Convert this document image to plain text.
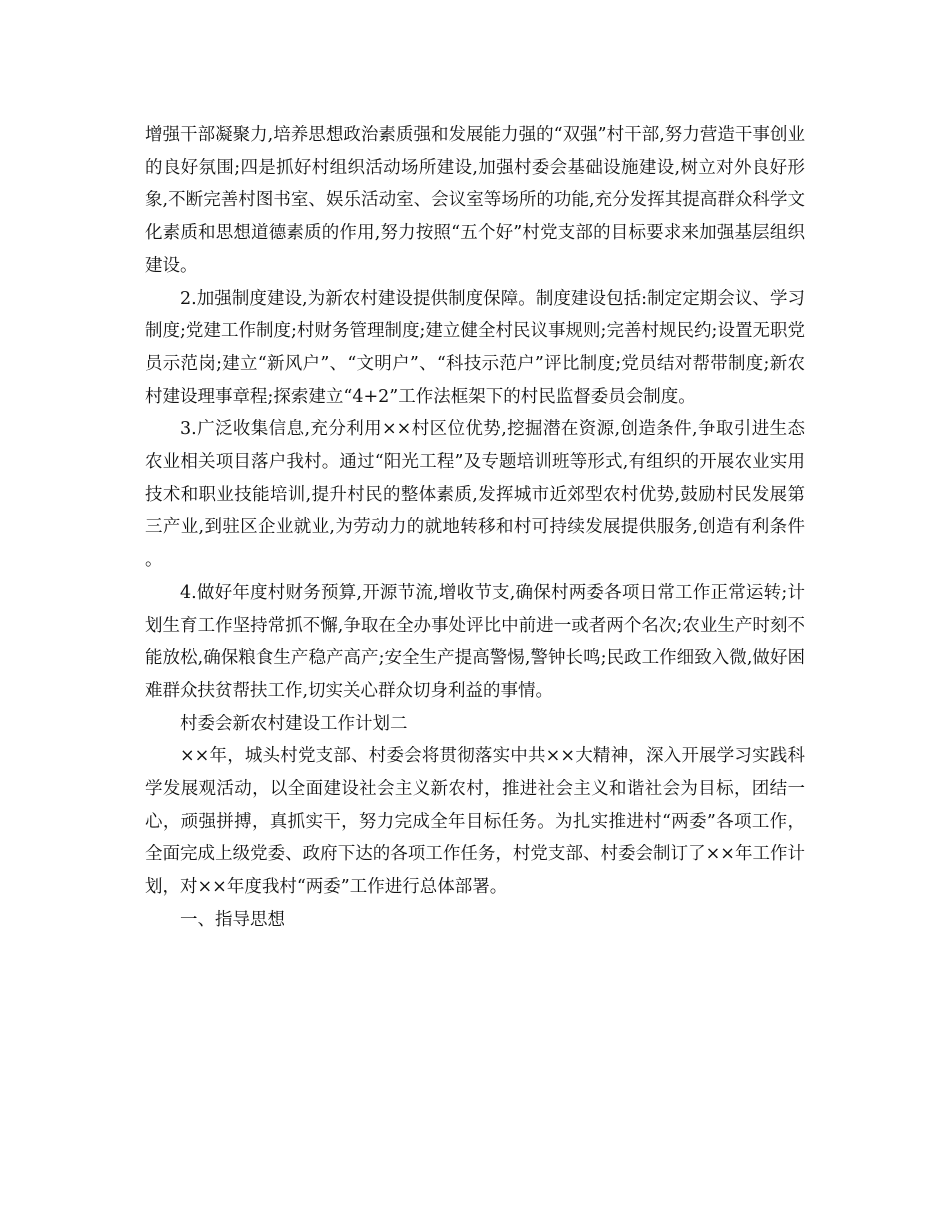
增强干部凝聚力,培养思想政治素质强和发展能力强的“双强”村干部,努力营造干事创业的良好氛围;四是抓好村组织活动场所建设,加强村委会基础设施建设,树立对外良好形象,不断完善村图书室、娱乐活动室、会议室等场所的功能,充分发挥其提高群众科学文化素质和思想道德素质的作用,努力按照“五个好”村党支部的目标要求来加强基层组织建设。

2.加强制度建设,为新农村建设提供制度保障。制度建设包括:制定定期会议、学习制度;党建工作制度;村财务管理制度;建立健全村民议事规则;完善村规民约;设置无职党员示范岗;建立“新风户”、“文明户”、“科技示范户”评比制度;党员结对帮带制度;新农村建设理事章程;探索建立“4+2”工作法框架下的村民监督委员会制度。

3.广泛收集信息,充分利用××村区位优势,挖掘潜在资源,创造条件,争取引进生态农业相关项目落户我村。通过“阳光工程”及专题培训班等形式,有组织的开展农业实用技术和职业技能培训,提升村民的整体素质,发挥城市近郊型农村优势,鼓励村民发展第三产业,到驻区企业就业,为劳动力的就地转移和村可持续发展提供服务,创造有利条件。

4.做好年度村财务预算,开源节流,增收节支,确保村两委各项日常工作正常运转;计划生育工作坚持常抓不懈,争取在全办事处评比中前进一或者两个名次;农业生产时刻不能放松,确保粮食生产稳产高产;安全生产提高警惕,警钟长鸣;民政工作细致入微,做好困难群众扶贫帮扶工作,切实关心群众切身利益的事情。

村委会新农村建设工作计划二

××年，城头村党支部、村委会将贯彻落实中共××大精神，深入开展学习实践科学发展观活动，以全面建设社会主义新农村，推进社会主义和谐社会为目标，团结一心，顽强拼搏，真抓实干，努力完成全年目标任务。为扎实推进村“两委”各项工作，全面完成上级党委、政府下达的各项工作任务，村党支部、村委会制订了××年工作计划，对××年度我村“两委”工作进行总体部署。

一、指导思想
